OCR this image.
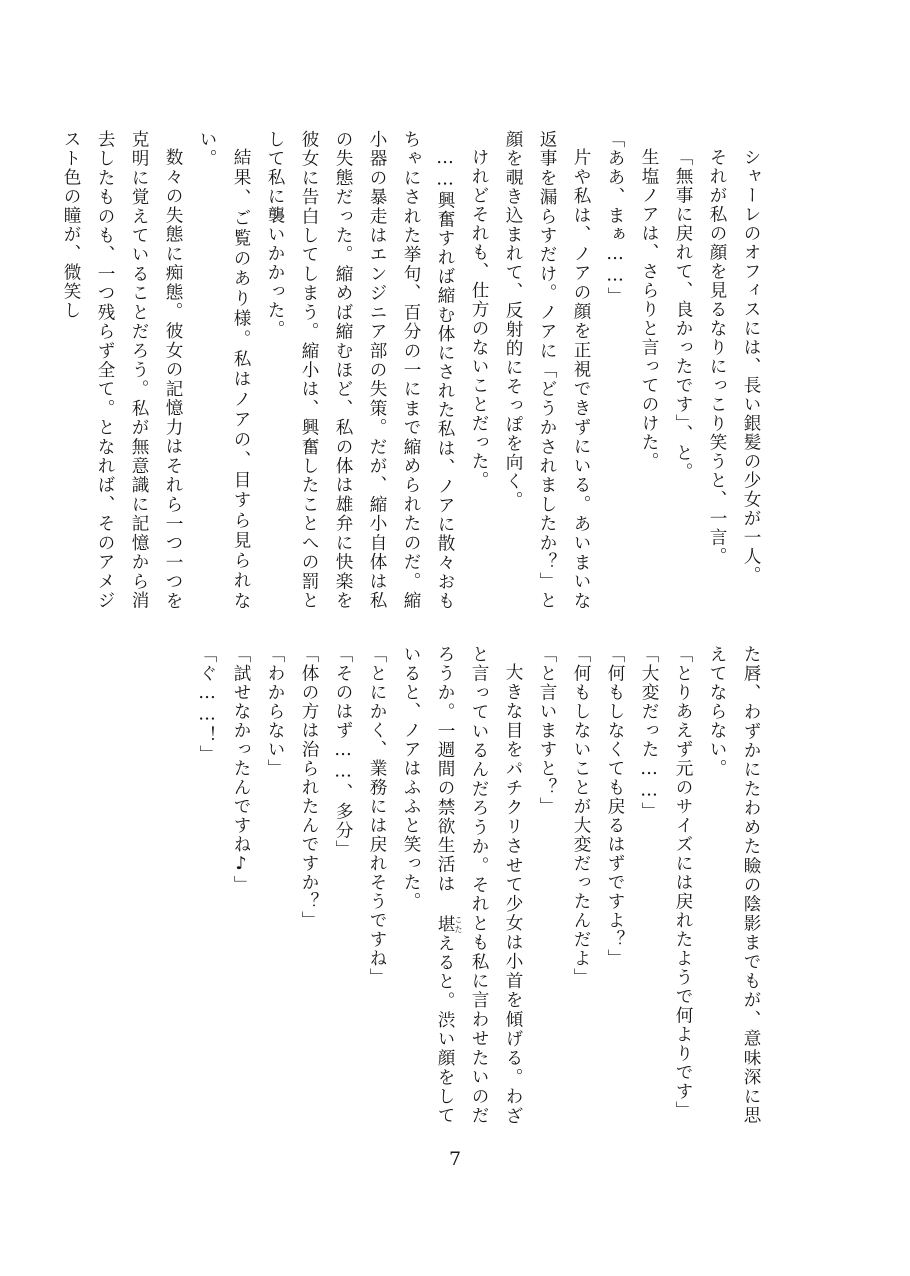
シャーレのオフィスには、長い銀髪の少女が一人。

それが私の顔を見るなりにっこり笑うと、一言。

「無事に戻れて、良かったです」、と。

生塩ノアは、さらりと言ってのけた。

「ああ、まぁ……」

片や私は、ノアの顔を正視できずにいる。あいまいな返事を漏らすだけ。ノアに「どうかされましたか？」と顔を覗き込まれて、反射的にそっぽを向く。

けれどそれも、仕方のないことだった。

……興奮すれば縮む体にされた私は、ノアに散々おもちゃにされた挙句、百分の一にまで縮められたのだ。縮小器の暴走はエンジニア部の失策。だが、縮小自体は私の失態だった。縮めば縮むほど、私の体は雄弁に快楽を彼女に告白してしまう。縮小は、興奮したことへの罰として私に襲いかかった。

結果、ご覧のあり様。私はノアの、目すら見られない。

数々の失態に痴態。彼女の記憶力はそれら一つ一つを克明に覚えていることだろう。私が無意識に記憶から消去したものも、一つ残らず全て。となれば、そのアメジスト色の瞳が、微笑し

た唇、わずかにたわめた瞼の陰影までもが、意味深に思えてならない。

「とりあえず元のサイズには戻れたようで何よりです」

「大変だった……」

「何もしなくても戻るはずですよ？」

「何もしないことが大変だったんだよ」

「と言いますと？」

大きな目をパチクリさせて少女は小首を傾げる。わざと言っているんだろうか。それとも私に言わせたいのだろうか。一週間の禁欲生活は 堪 こたえると。渋い顔をしていると、ノアはふふと笑った。

「とにかく、業務には戻れそうですね」

「そのはず……、多分」

「体の方は治られたんですか？」

「わからない」

「試せなかったんですね♪」

「ぐ……！」

7
